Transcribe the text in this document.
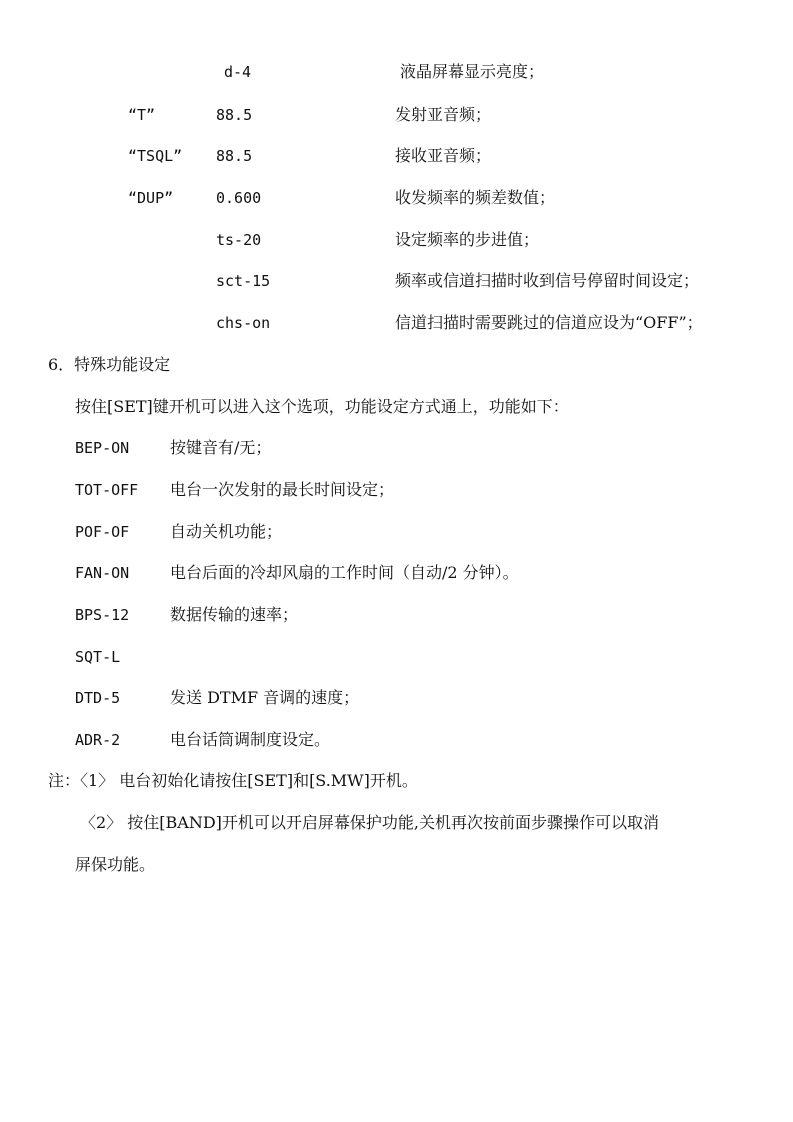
d-4	液晶屏幕显示亮度；
“T”	88.5	发射亚音频；
“TSQL” 88.5	接收亚音频；
“DUP”	0.600	收发频率的频差数值；
ts-20	设定频率的步进值；
sct-15	频率或信道扫描时收到信号停留时间设定；
chs-on	信道扫描时需要跳过的信道应设为“OFF”；
6．特殊功能设定
按住[SET]键开机可以进入这个选项，功能设定方式通上，功能如下：
BEP-ON	按键音有/无；
TOT-OFF 电台一次发射的最长时间设定；
POF-OF	自动关机功能；
FAN-ON	电台后面的冷却风扇的工作时间（自动/2 分钟）。
BPS-12	数据传输的速率；
SQT-L
DTD-5	发送 DTMF 音调的速度；
ADR-2	电台话筒调制度设定。
注：〈1〉 电台初始化请按住[SET]和[S.MW]开机。
〈2〉 按住[BAND]开机可以开启屏幕保护功能,关机再次按前面步骤操作可以取消
屏保功能。
